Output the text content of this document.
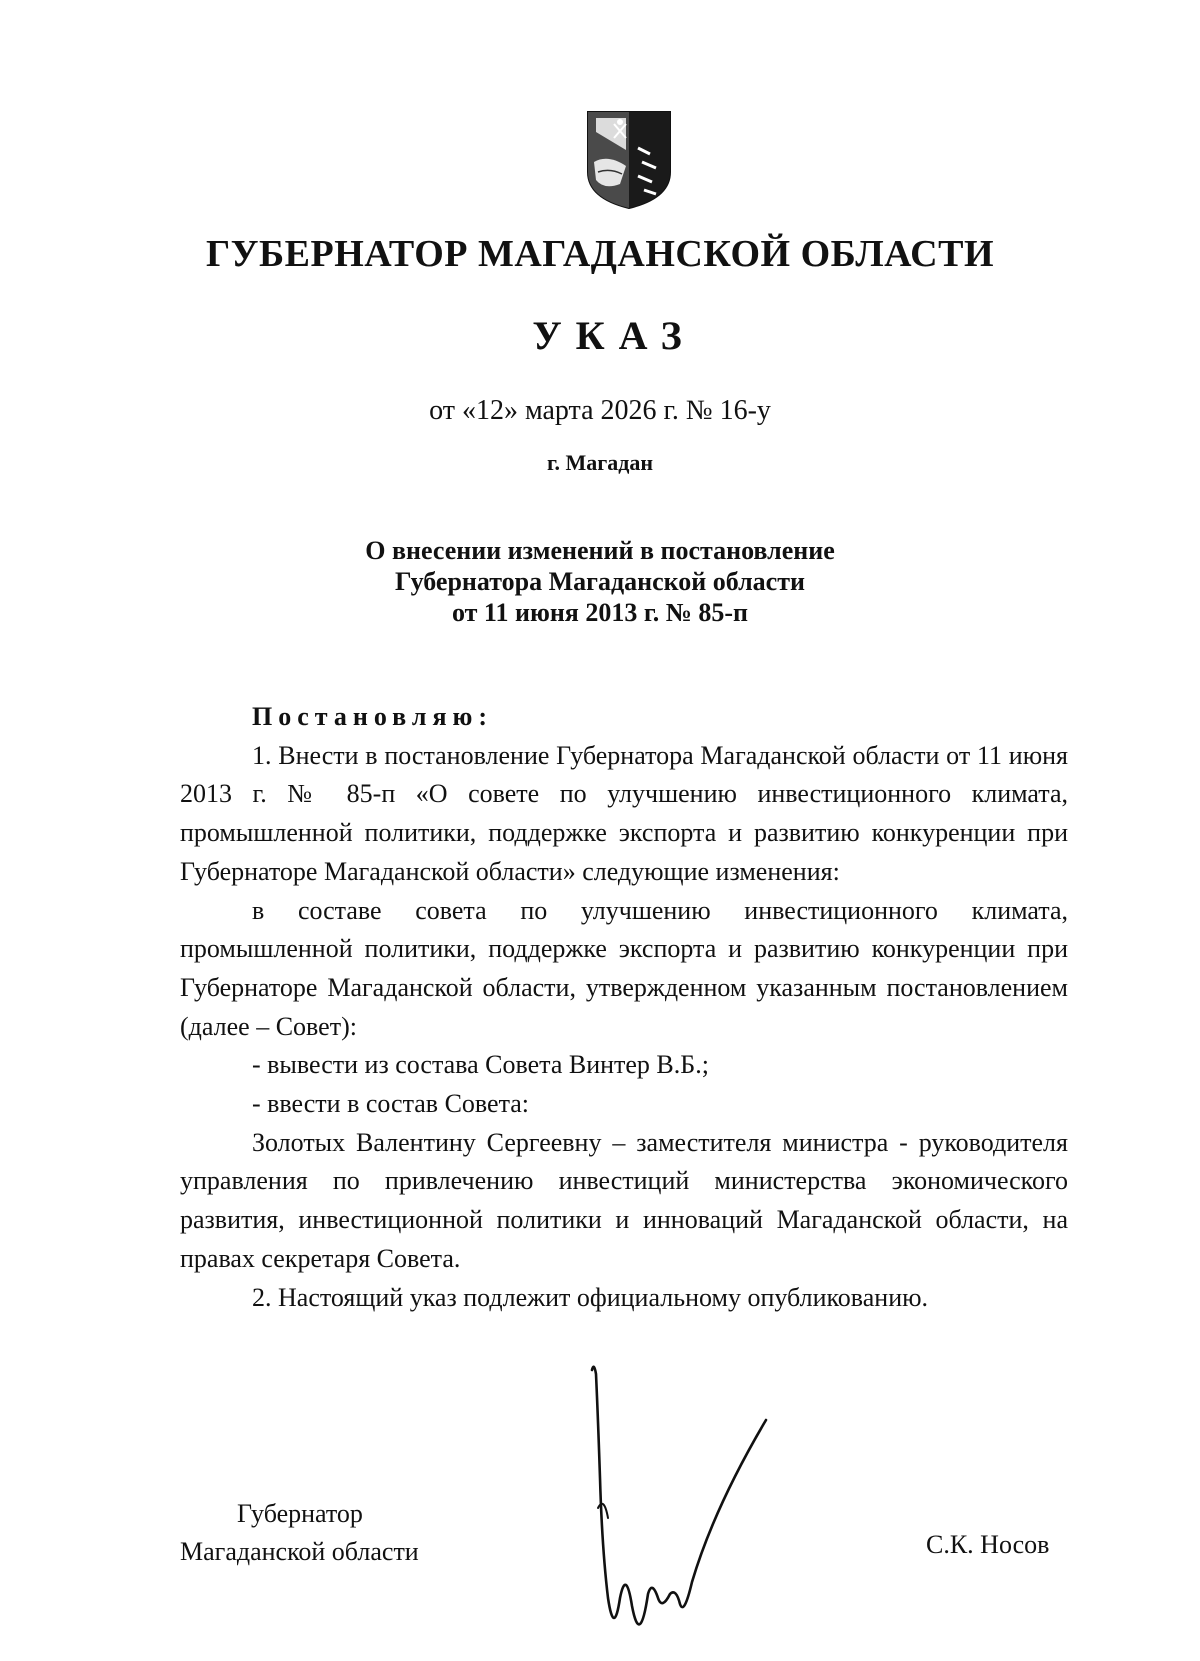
ГУБЕРНАТОР МАГАДАНСКОЙ ОБЛАСТИ
УКАЗ
от «12» марта 2026 г. № 16-у
г. Магадан
О внесении изменений в постановление
Губернатора Магаданской области
от 11 июня 2013 г. № 85-п

Постановляю:

1. Внести в постановление Губернатора Магаданской области от 11 июня 2013 г. № 85-п «О совете по улучшению инвестиционного климата, промышленной политики, поддержке экспорта и развитию конкуренции при Губернаторе Магаданской области» следующие изменения:

в составе совета по улучшению инвестиционного климата, промышленной политики, поддержке экспорта и развитию конкуренции при Губернаторе Магаданской области, утвержденном указанным постановлением (далее – Совет):

- вывести из состава Совета Винтер В.Б.;

- ввести в состав Совета:

Золотых Валентину Сергеевну – заместителя министра - руководителя управления по привлечению инвестиций министерства экономического развития, инвестиционной политики и инноваций Магаданской области, на правах секретаря Совета.

2. Настоящий указ подлежит официальному опубликованию.

Губернатор
Магаданской области	С.К. Носов
